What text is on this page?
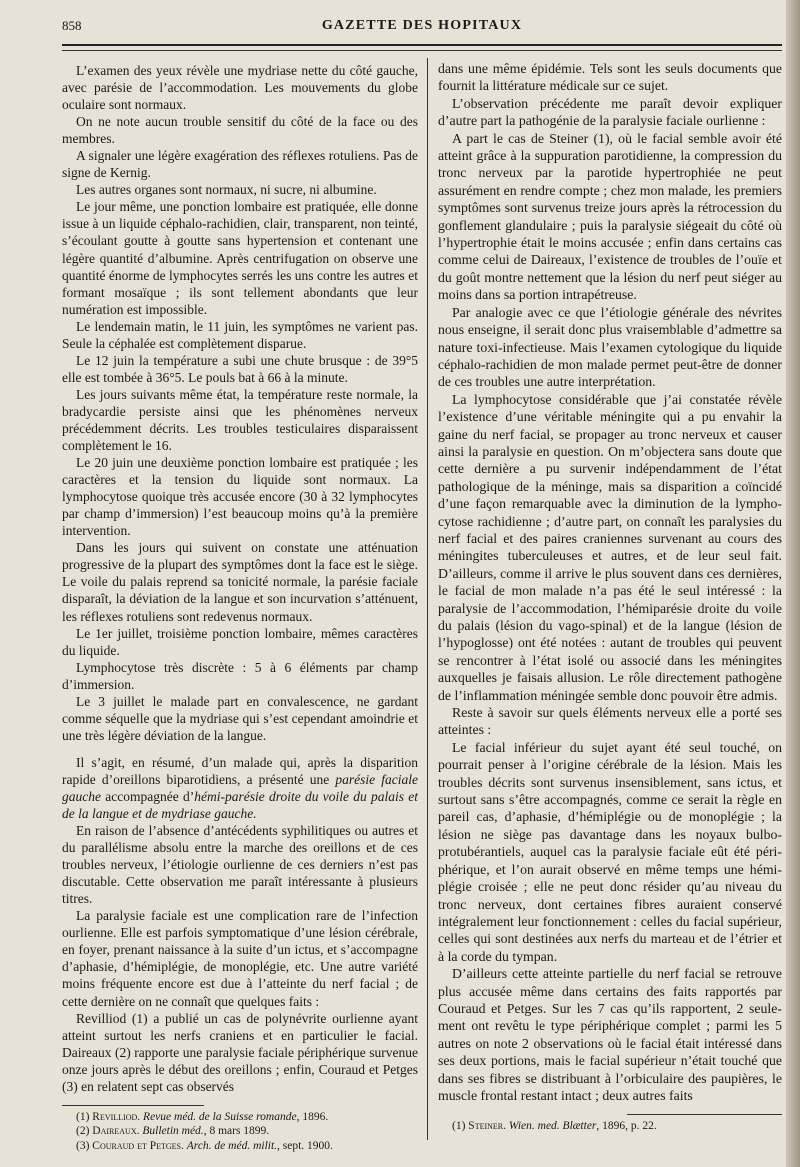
858	GAZETTE DES HOPITAUX

L’examen des yeux révèle une mydriase nette du côté gauche, avec parésie de l’accommodation. Les mouvements du globe oculaire sont normaux.

On ne note aucun trouble sensitif du côté de la face ou des membres.

A signaler une légère exagération des réflexes rotuliens. Pas de signe de Kernig.

Les autres organes sont normaux, ni sucre, ni albumine.

Le jour même, une ponction lombaire est pratiquée, elle donne issue à un liquide céphalo-rachidien, clair, transparent, non teinté, s’écoulant goutte à goutte sans hypertension et contenant une légère quantité d’albumine. Après centrifugation on observe une quantité énorme de lymphocytes serrés les uns contre les autres et formant mosaïque ; ils sont tellement abondants que leur numération est impossible.

Le lendemain matin, le 11 juin, les symptômes ne varient pas. Seule la céphalée est complètement disparue.

Le 12 juin la température a subi une chute brusque : de 39°5 elle est tombée à 36°5. Le pouls bat à 66 à la minute.

Les jours suivants même état, la température reste normale, la bradycardie persiste ainsi que les phénomènes nerveux précédemment décrits. Les troubles testiculaires disparaissent complètement le 16.

Le 20 juin une deuxième ponction lombaire est pratiquée ; les caractères et la tension du liquide sont normaux. La lymphocytose quoique très accusée encore (30 à 32 lymphocytes par champ d’immersion) l’est beaucoup moins qu’à la première intervention.

Dans les jours qui suivent on constate une atténuation progressive de la plupart des symptômes dont la face est le siège. Le voile du palais reprend sa tonicité normale, la parésie faciale disparaît, la déviation de la langue et son incurvation s’atténuent, les réflexes rotuliens sont redevenus normaux.

Le 1er juillet, troisième ponction lombaire, mêmes caractères du liquide.

Lymphocytose très discrète : 5 à 6 éléments par champ d’immersion.

Le 3 juillet le malade part en convalescence, ne gardant comme séquelle que la mydriase qui s’est cependant amoindrie et une très légère déviation de la langue.

Il s’agit, en résumé, d’un malade qui, après la disparition rapide d’oreillons biparotidiens, a présenté une parésie faciale gauche accompagnée d’hémi-parésie droite du voile du palais et de la langue et de mydriase gauche.

En raison de l’absence d’antécédents syphilitiques ou autres et du parallélisme absolu entre la marche des oreillons et de ces troubles nerveux, l’étiologie ourlienne de ces derniers n’est pas discutable. Cette observation me paraît intéressante à plusieurs titres.

La paralysie faciale est une complication rare de l’infection ourlienne. Elle est parfois symptomatique d’une lésion cérébrale, en foyer, prenant naissance à la suite d’un ictus, et s’accompagne d’aphasie, d’hémiplégie, de monoplégie, etc. Une autre variété moins fréquente encore est due à l’atteinte du nerf facial ; de cette dernière on ne connaît que quelques faits :

Revilliod (1) a publié un cas de polynévrite ourlienne ayant atteint surtout les nerfs craniens et en particulier le facial. Daireaux (2) rapporte une paralysie faciale périphérique survenue onze jours après le début des oreillons ; enfin, Couraud et Petges (3) en relatent sept cas observés

(1) Revilliod. Revue méd. de la Suisse romande, 1896.

(2) Daireaux. Bulletin méd., 8 mars 1899.

(3) Couraud et Petges. Arch. de méd. milit., sept. 1900.

dans une même épidémie. Tels sont les seuls documents que fournit la littérature médicale sur ce sujet.

L’observation précédente me paraît devoir expliquer d’autre part la pathogénie de la paralysie faciale ourlienne :

A part le cas de Steiner (1), où le facial semble avoir été atteint grâce à la suppuration parotidienne, la compression du tronc nerveux par la parotide hypertrophiée ne peut assurément en rendre compte ; chez mon malade, les premiers symptômes sont survenus treize jours après la rétrocession du gonflement glandulaire ; puis la paralysie siégeait du côté où l’hypertrophie était le moins accusée ; enfin dans certains cas comme celui de Daireaux, l’existence de troubles de l’ouïe et du goût montre nettement que la lésion du nerf peut siéger au moins dans sa portion intrapétreuse.

Par analogie avec ce que l’étiologie générale des névrites nous enseigne, il serait donc plus vraisemblable d’admettre sa nature toxi-infectieuse. Mais l’examen cytologique du liquide céphalo-rachidien de mon malade permet peut-être de donner de ces troubles une autre interprétation.

La lymphocytose considérable que j’ai constatée révèle l’existence d’une véritable méningite qui a pu envahir la gaine du nerf facial, se propager au tronc nerveux et causer ainsi la paralysie en question. On m’objectera sans doute que cette dernière a pu survenir indépendamment de l’état pathologique de la méninge, mais sa disparition a coïncidé d’une façon remarquable avec la diminution de la lymphocytose rachidienne ; d’autre part, on connaît les paralysies du nerf facial et des paires craniennes survenant au cours des méningites tuberculeuses et autres, et de leur seul fait. D’ailleurs, comme il arrive le plus souvent dans ces dernières, le facial de mon malade n’a pas été le seul intéressé : la paralysie de l’accommodation, l’hémiparésie droite du voile du palais (lésion du vago-spinal) et de la langue (lésion de l’hypoglosse) ont été notées : autant de troubles qui peuvent se rencontrer à l’état isolé ou associé dans les méningites auxquelles je faisais allusion. Le rôle directement pathogène de l’inflammation méningée semble donc pouvoir être admis.

Reste à savoir sur quels éléments nerveux elle a porté ses atteintes :

Le facial inférieur du sujet ayant été seul touché, on pourrait penser à l’origine cérébrale de la lésion. Mais les troubles décrits sont survenus insensiblement, sans ictus, et surtout sans s’être accompagnés, comme ce serait la règle en pareil cas, d’aphasie, d’hémiplégie ou de monoplégie ; la lésion ne siège pas davantage dans les noyaux bulbo-protubérantiels, auquel cas la paralysie faciale eût été périphérique, et l’on aurait observé en même temps une hémiplégie croisée ; elle ne peut donc résider qu’au niveau du tronc nerveux, dont certaines fibres auraient conservé intégralement leur fonctionnement : celles du facial supérieur, celles qui sont destinées aux nerfs du marteau et de l’étrier et à la corde du tympan.

D’ailleurs cette atteinte partielle du nerf facial se retrouve plus accusée même dans certains des faits rapportés par Couraud et Petges. Sur les 7 cas qu’ils rapportent, 2 seulement ont revêtu le type périphérique complet ; parmi les 5 autres on note 2 observations où le facial était intéressé dans ses deux portions, mais le facial supérieur n’était touché que dans ses fibres se distribuant à l’orbiculaire des paupières, le muscle frontal restant intact ; deux autres faits

(1) Steiner. Wien. med. Blætter, 1896, p. 22.
